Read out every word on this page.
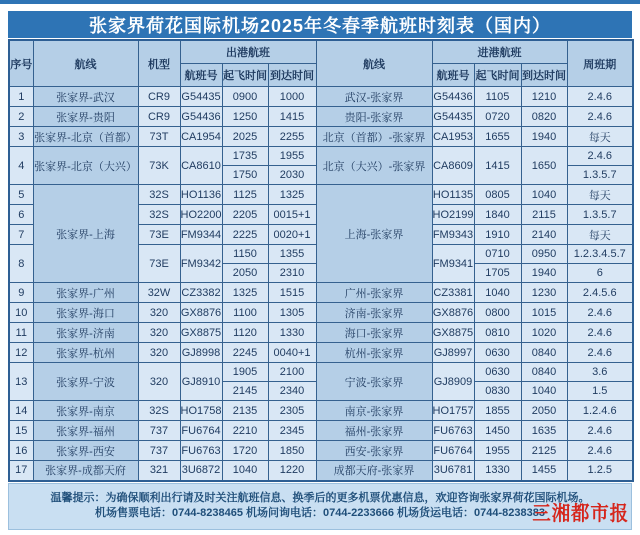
张家界荷花国际机场2025年冬春季航班时刻表（国内）
序号	航线	机型	出港航班			航线	进港航班			周班期
			航班号	起飞时间	到达时间		航班号	起飞时间	到达时间	
1	张家界-武汉	CR9	G54435	0900	1000	武汉-张家界	G54436	1105	1210	2.4.6
2	张家界-贵阳	CR9	G54436	1250	1415	贵阳-张家界	G54435	0720	0820	2.4.6
3	张家界-北京（首都）	73T	CA1954	2025	2255	北京（首都）-张家界	CA1953	1655	1940	每天
4	张家界-北京（大兴）	73K	CA8610	1735	1955	北京（大兴）-张家界	CA8609	1415	1650	2.4.6
				1750	2030					1.3.5.7
5	张家界-上海	32S	HO1136	1125	1325	上海-张家界	HO1135	0805	1040	每天
6		32S	HO2200	2205	0015+1		HO2199	1840	2115	1.3.5.7
7		73E	FM9344	2225	0020+1		FM9343	1910	2140	每天
8		73E	FM9342	1150	1355		FM9341	0710	0950	1.2.3.4.5.7
				2050	2310			1705	1940	6
9	张家界-广州	32W	CZ3382	1325	1515	广州-张家界	CZ3381	1040	1230	2.4.5.6
10	张家界-海口	320	GX8876	1100	1305	济南-张家界	GX8876	0800	1015	2.4.6
11	张家界-济南	320	GX8875	1120	1330	海口-张家界	GX8875	0810	1020	2.4.6
12	张家界-杭州	320	GJ8998	2245	0040+1	杭州-张家界	GJ8997	0630	0840	2.4.6
13	张家界-宁波	320	GJ8910	1905	2100	宁波-张家界	GJ8909	0630	0840	3.6
				2145	2340			0830	1040	1.5
14	张家界-南京	32S	HO1758	2135	2305	南京-张家界	HO1757	1855	2050	1.2.4.6
15	张家界-福州	737	FU6764	2210	2345	福州-张家界	FU6763	1450	1635	2.4.6
16	张家界-西安	737	FU6763	1720	1850	西安-张家界	FU6764	1955	2125	2.4.6
17	张家界-成都天府	321	3U6872	1040	1220	成都天府-张家界	3U6781	1330	1455	1.2.5
温馨提示：为确保顺利出行请及时关注航班信息、换季后的更多机票优惠信息，欢迎咨询张家界荷花国际机场。
机场售票电话：0744-8238465 机场问询电话：0744-2233666 机场货运电话：0744-8238383
三湘都市报
